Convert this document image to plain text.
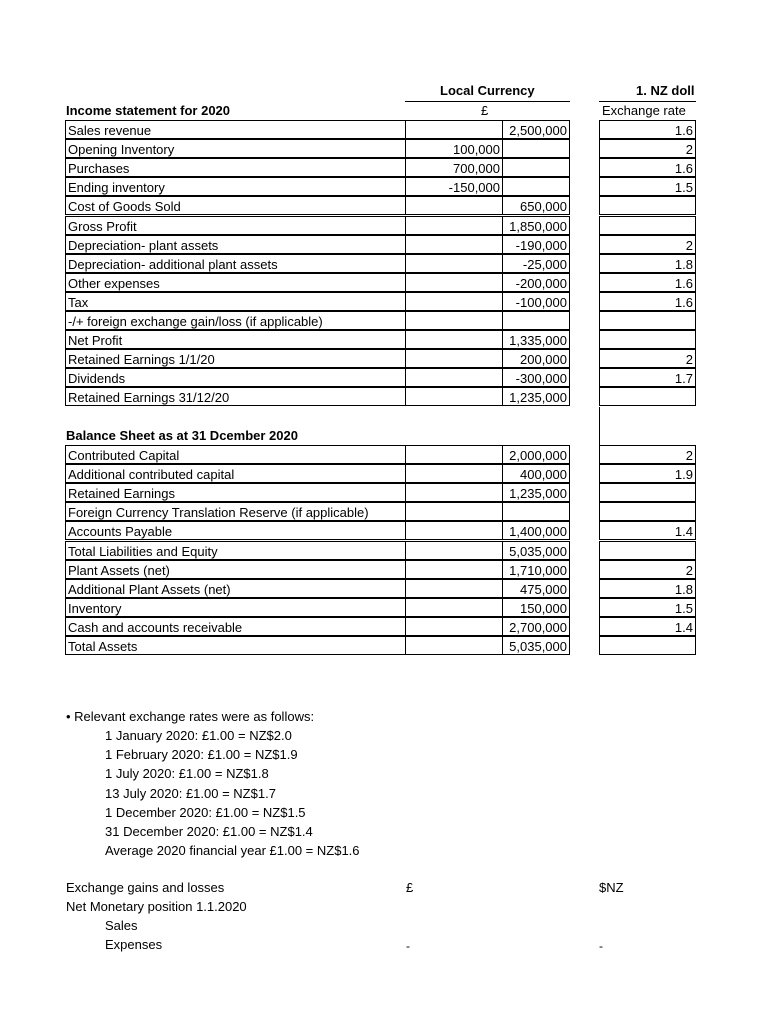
Local Currency
£
1. NZ doll
Exchange rate
Income statement for 2020
Sales revenue	2,500,000	1.6
Opening Inventory	100,000	2
Purchases	700,000	1.6
Ending inventory	-150,000	1.5
Cost of Goods Sold	650,000
Gross Profit	1,850,000
Depreciation- plant assets	-190,000	2
Depreciation- additional plant assets	-25,000	1.8
Other expenses	-200,000	1.6
Tax	-100,000	1.6
-/+ foreign exchange gain/loss (if applicable)
Net Profit	1,335,000
Retained Earnings 1/1/20	200,000	2
Dividends	-300,000	1.7
Retained Earnings 31/12/20	1,235,000
Balance Sheet as at 31 Dcember 2020
Contributed Capital	2,000,000	2
Additional contributed capital	400,000	1.9
Retained Earnings	1,235,000
Foreign Currency Translation Reserve (if applicable)
Accounts Payable	1,400,000	1.4
Total Liabilities and Equity	5,035,000
Plant Assets (net)	1,710,000	2
Additional Plant Assets (net)	475,000	1.8
Inventory	150,000	1.5
Cash and accounts receivable	2,700,000	1.4
Total Assets	5,035,000
• Relevant exchange rates were as follows:
1 January 2020: £1.00 = NZ$2.0
1 February 2020: £1.00 = NZ$1.9
1 July 2020: £1.00 = NZ$1.8
13 July 2020: £1.00 = NZ$1.7
1 December 2020: £1.00 = NZ$1.5
31 December 2020: £1.00 = NZ$1.4
Average 2020 financial year £1.00 = NZ$1.6
Exchange gains and losses	£	$NZ
Net Monetary position 1.1.2020
Sales
Expenses	-	-
